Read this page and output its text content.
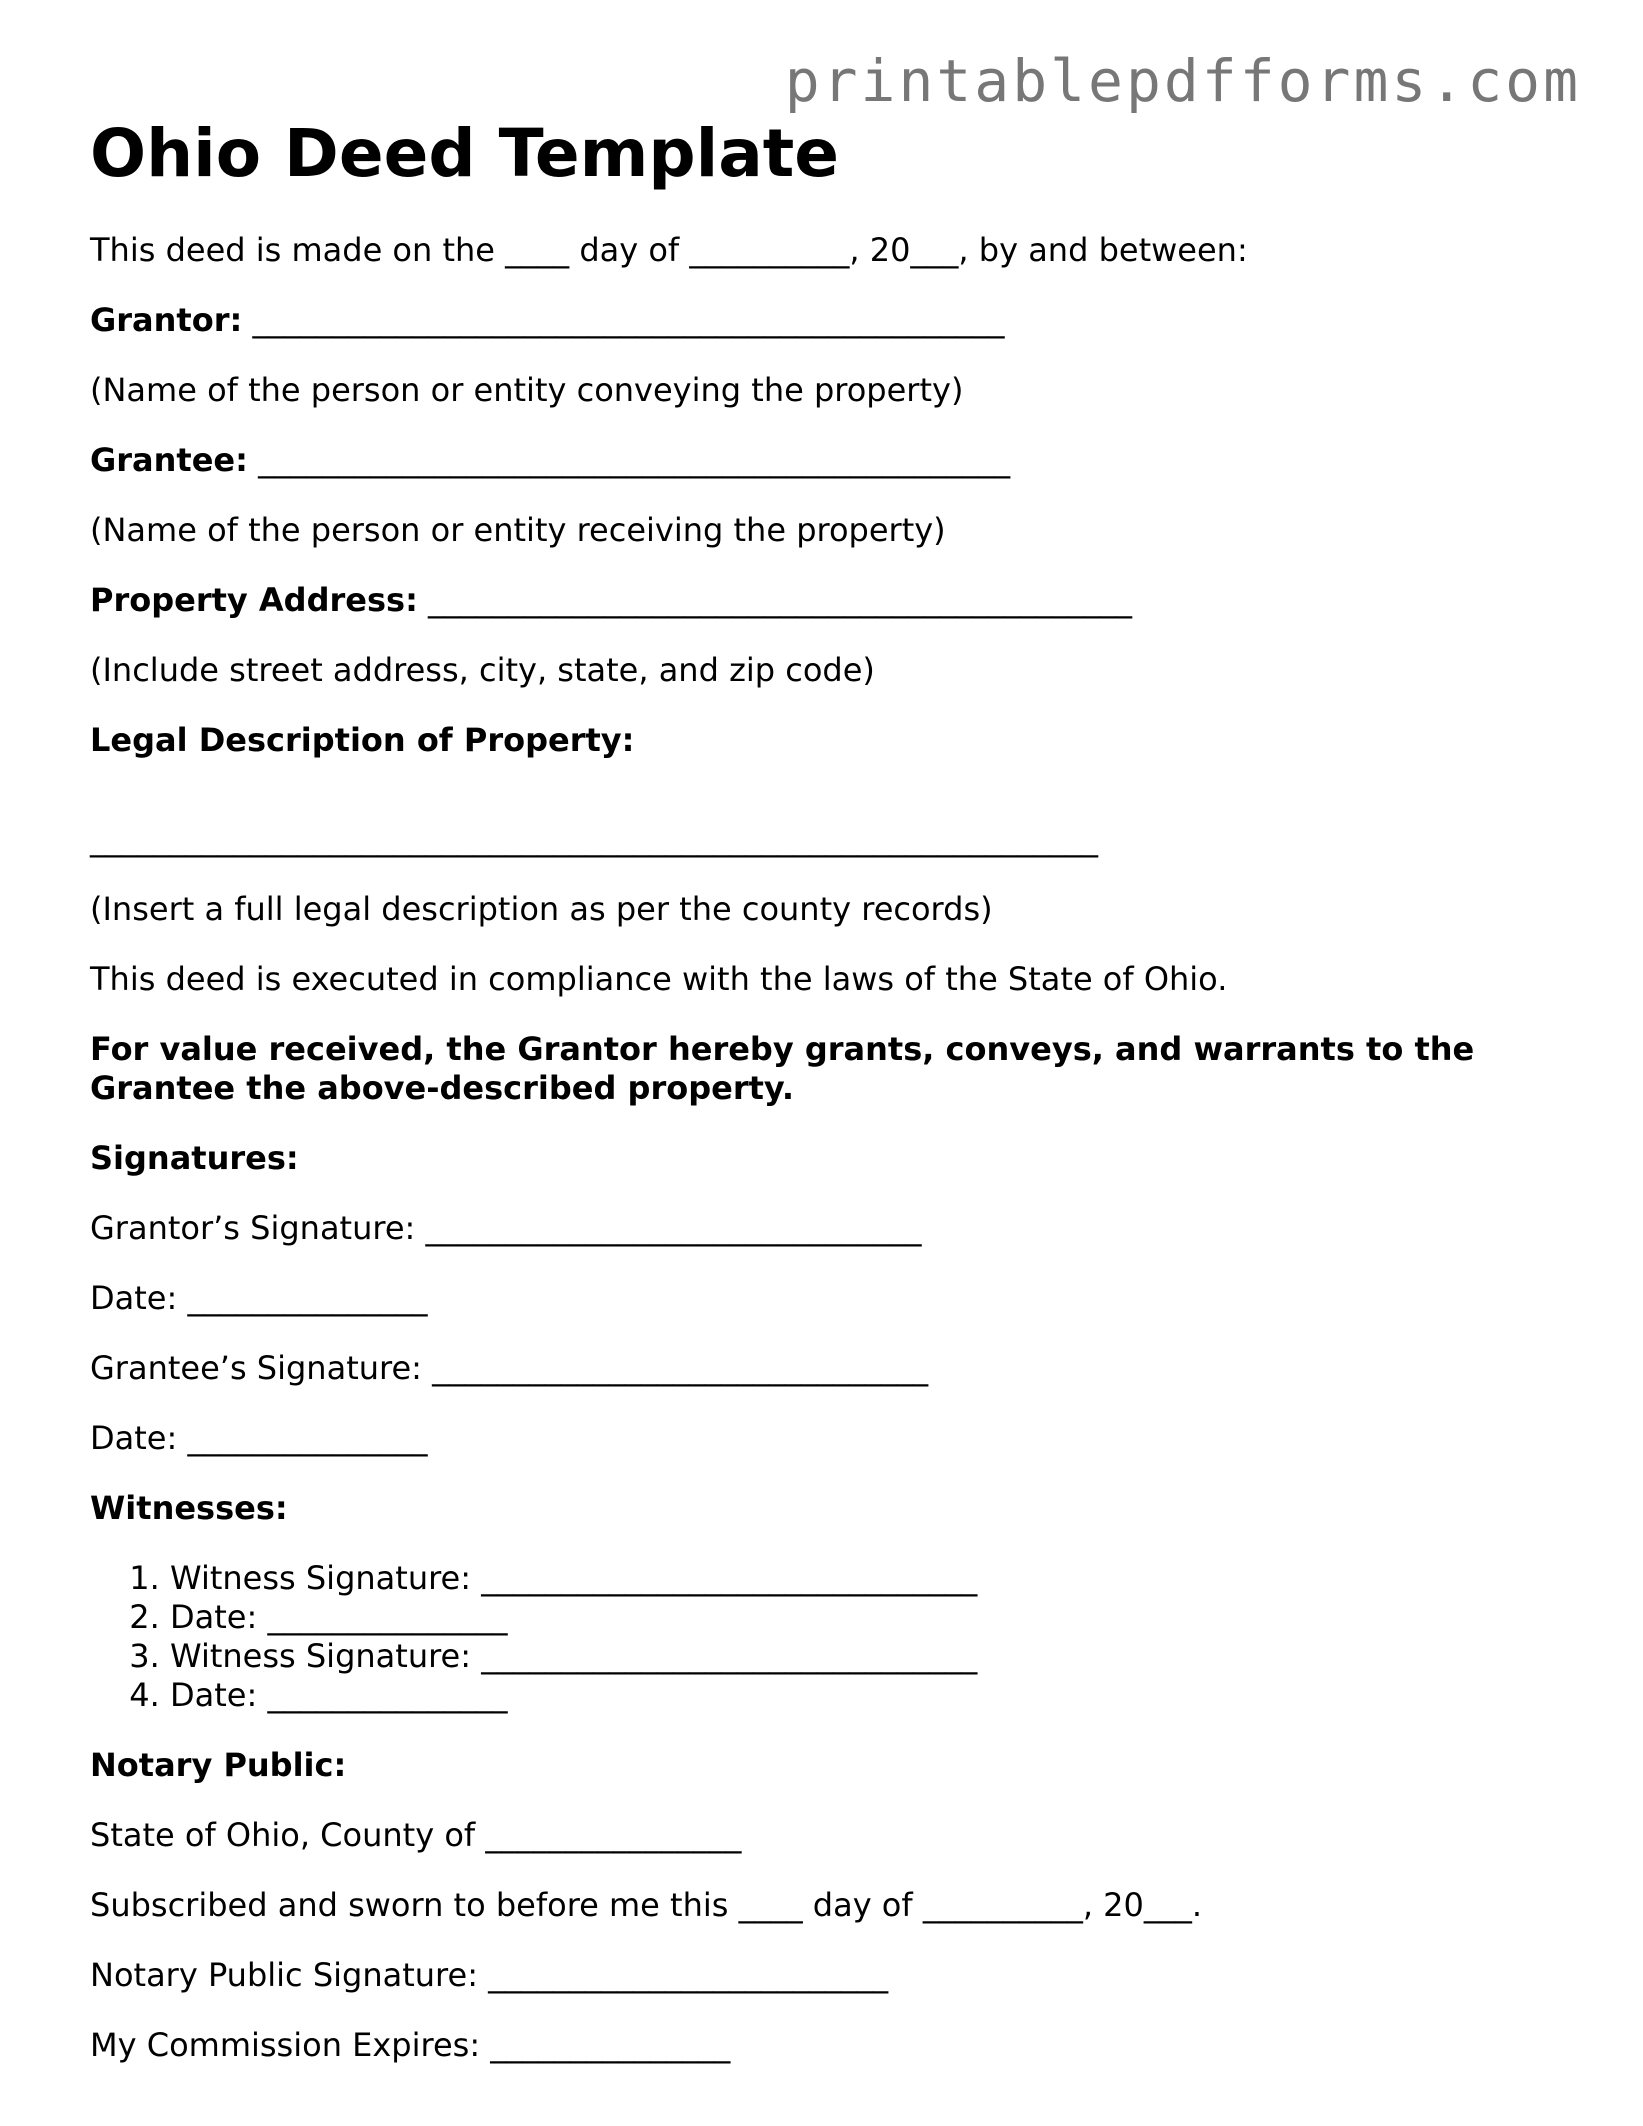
printablepdfforms.com
Ohio Deed Template

This deed is made on the ____ day of __________, 20___, by and between:

Grantor: _______________________________________________

(Name of the person or entity conveying the property)

Grantee: _______________________________________________

(Name of the person or entity receiving the property)

Property Address: ____________________________________________

(Include street address, city, state, and zip code)

Legal Description of Property:

_______________________________________________________________

(Insert a full legal description as per the county records)

This deed is executed in compliance with the laws of the State of Ohio.

For value received, the Grantor hereby grants, conveys, and warrants to the Grantee the above-described property.

Signatures:

Grantor’s Signature: _______________________________

Date: _______________

Grantee’s Signature: _______________________________

Date: _______________

Witnesses:

1. Witness Signature: _______________________________
2. Date: _______________
3. Witness Signature: _______________________________
4. Date: _______________

Notary Public:

State of Ohio, County of ________________

Subscribed and sworn to before me this ____ day of __________, 20___.

Notary Public Signature: _________________________

My Commission Expires: _______________
